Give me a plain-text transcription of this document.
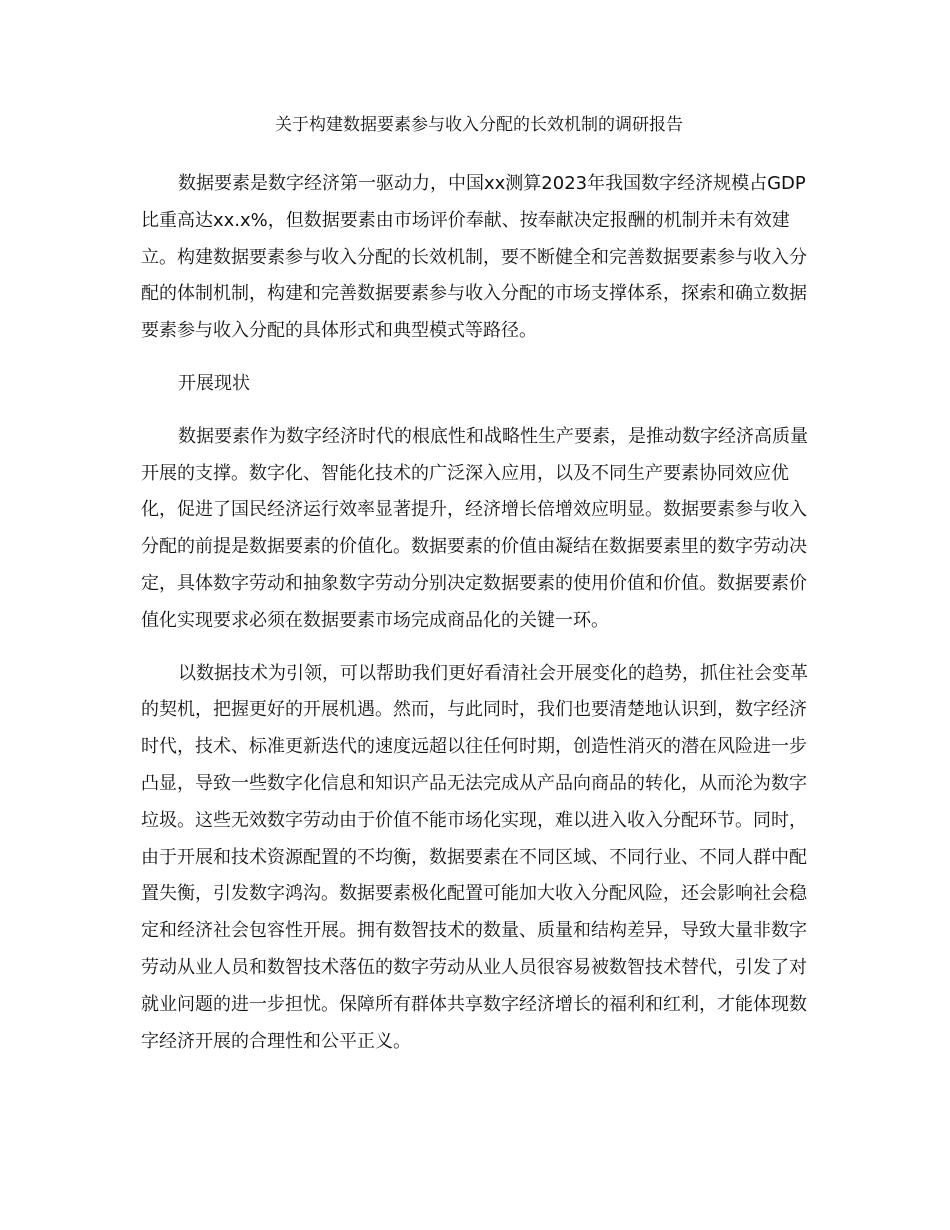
关于构建数据要素参与收入分配的长效机制的调研报告

数据要素是数字经济第一驱动力，中国xx测算2023年我国数字经济规模占GDP比重高达xx.x%，但数据要素由市场评价奉献、按奉献决定报酬的机制并未有效建立。构建数据要素参与收入分配的长效机制，要不断健全和完善数据要素参与收入分配的体制机制，构建和完善数据要素参与收入分配的市场支撑体系，探索和确立数据要素参与收入分配的具体形式和典型模式等路径。

开展现状

数据要素作为数字经济时代的根底性和战略性生产要素，是推动数字经济高质量开展的支撑。数字化、智能化技术的广泛深入应用，以及不同生产要素协同效应优化，促进了国民经济运行效率显著提升，经济增长倍增效应明显。数据要素参与收入分配的前提是数据要素的价值化。数据要素的价值由凝结在数据要素里的数字劳动决定，具体数字劳动和抽象数字劳动分别决定数据要素的使用价值和价值。数据要素价值化实现要求必须在数据要素市场完成商品化的关键一环。

以数据技术为引领，可以帮助我们更好看清社会开展变化的趋势，抓住社会变革的契机，把握更好的开展机遇。然而，与此同时，我们也要清楚地认识到，数字经济时代，技术、标准更新迭代的速度远超以往任何时期，创造性消灭的潜在风险进一步凸显，导致一些数字化信息和知识产品无法完成从产品向商品的转化，从而沦为数字垃圾。这些无效数字劳动由于价值不能市场化实现，难以进入收入分配环节。同时，由于开展和技术资源配置的不均衡，数据要素在不同区域、不同行业、不同人群中配置失衡，引发数字鸿沟。数据要素极化配置可能加大收入分配风险，还会影响社会稳定和经济社会包容性开展。拥有数智技术的数量、质量和结构差异，导致大量非数字劳动从业人员和数智技术落伍的数字劳动从业人员很容易被数智技术替代，引发了对就业问题的进一步担忧。保障所有群体共享数字经济增长的福利和红利，才能体现数字经济开展的合理性和公平正义。
